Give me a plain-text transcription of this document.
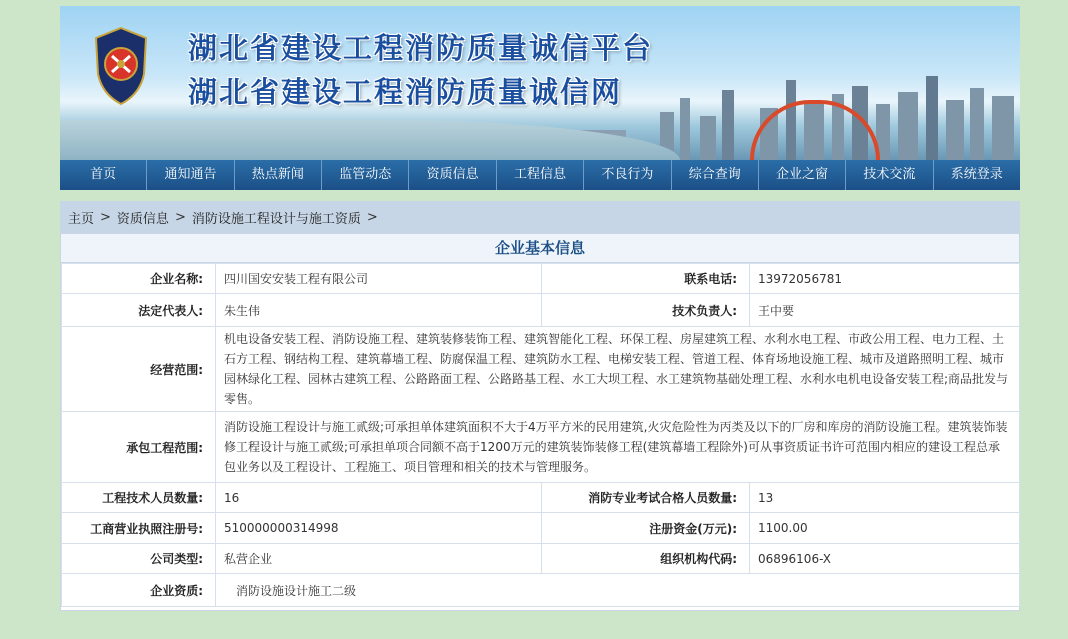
湖北省建设工程消防质量诚信平台
湖北省建设工程消防质量诚信网
首页	通知通告	热点新闻	监管动态	资质信息	工程信息	不良行为	综合查询	企业之窗	技术交流	系统登录
主页 > 资质信息 > 消防设施工程设计与施工资质 >
企业基本信息
企业名称:	四川国安安装工程有限公司	联系电话:	13972056781
法定代表人:	朱生伟	技术负责人:	王中要
经营范围:	机电设备安装工程、消防设施工程、建筑装修装饰工程、建筑智能化工程、环保工程、房屋建筑工程、水利水电工程、市政公用工程、电力工程、土石方工程、钢结构工程、建筑幕墙工程、防腐保温工程、建筑防水工程、电梯安装工程、管道工程、体育场地设施工程、城市及道路照明工程、城市园林绿化工程、园林古建筑工程、公路路面工程、公路路基工程、水工大坝工程、水工建筑物基础处理工程、水利水电机电设备安装工程;商品批发与零售。		
承包工程范围:	消防设施工程设计与施工贰级;可承担单体建筑面积不大于4万平方米的民用建筑,火灾危险性为丙类及以下的厂房和库房的消防设施工程。建筑装饰装修工程设计与施工贰级;可承担单项合同额不高于1200万元的建筑装饰装修工程(建筑幕墙工程除外)可从事资质证书许可范围内相应的建设工程总承包业务以及工程设计、工程施工、项目管理和相关的技术与管理服务。		
工程技术人员数量:	16	消防专业考试合格人员数量:	13
工商营业执照注册号:	510000000314998	注册资金(万元):	1100.00
公司类型:	私营企业	组织机构代码:	06896106-X
企业资质:	消防设施设计施工二级		
